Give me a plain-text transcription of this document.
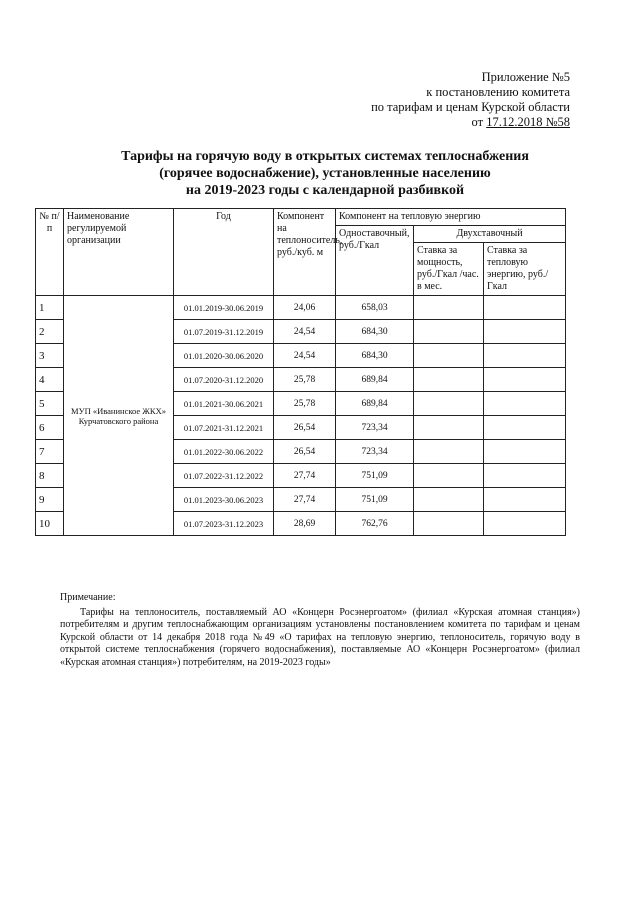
Приложение №5
к постановлению комитета
по тарифам и ценам Курской области
от 17.12.2018 №58
Тарифы на горячую воду в открытых системах теплоснабжения
(горячее водоснабжение), установленные населению
на 2019-2023 годы с календарной разбивкой
№ п/п	Наименование регулируемой организации	Год	Компонент на теплоноситель, руб./куб. м	Компонент на тепловую энергию		
				Одноставочный, руб./Гкал	Двухставочный	
					Ставка за мощность, руб./Гкал /час. в мес.	Ставка за тепловую энергию, руб./Гкал
1	МУП «Иванинское ЖКХ» Курчатовского района	01.01.2019-30.06.2019	24,06	658,03		
2		01.07.2019-31.12.2019	24,54	684,30		
3		01.01.2020-30.06.2020	24,54	684,30		
4		01.07.2020-31.12.2020	25,78	689,84		
5		01.01.2021-30.06.2021	25,78	689,84		
6		01.07.2021-31.12.2021	26,54	723,34		
7		01.01.2022-30.06.2022	26,54	723,34		
8		01.07.2022-31.12.2022	27,74	751,09		
9		01.01.2023-30.06.2023	27,74	751,09		
10		01.07.2023-31.12.2023	28,69	762,76		
Примечание:
Тарифы на теплоноситель, поставляемый АО «Концерн Росэнергоатом» (филиал «Курская атомная станция») потребителям и другим теплоснабжающим организациям установлены постановлением комитета по тарифам и ценам Курской области от 14 декабря 2018 года №49 «О тарифах на тепловую энергию, теплоноситель, горячую воду в открытой системе теплоснабжения (горячего водоснабжения), поставляемые АО «Концерн Росэнергоатом» (филиал «Курская атомная станция») потребителям, на 2019-2023 годы»
